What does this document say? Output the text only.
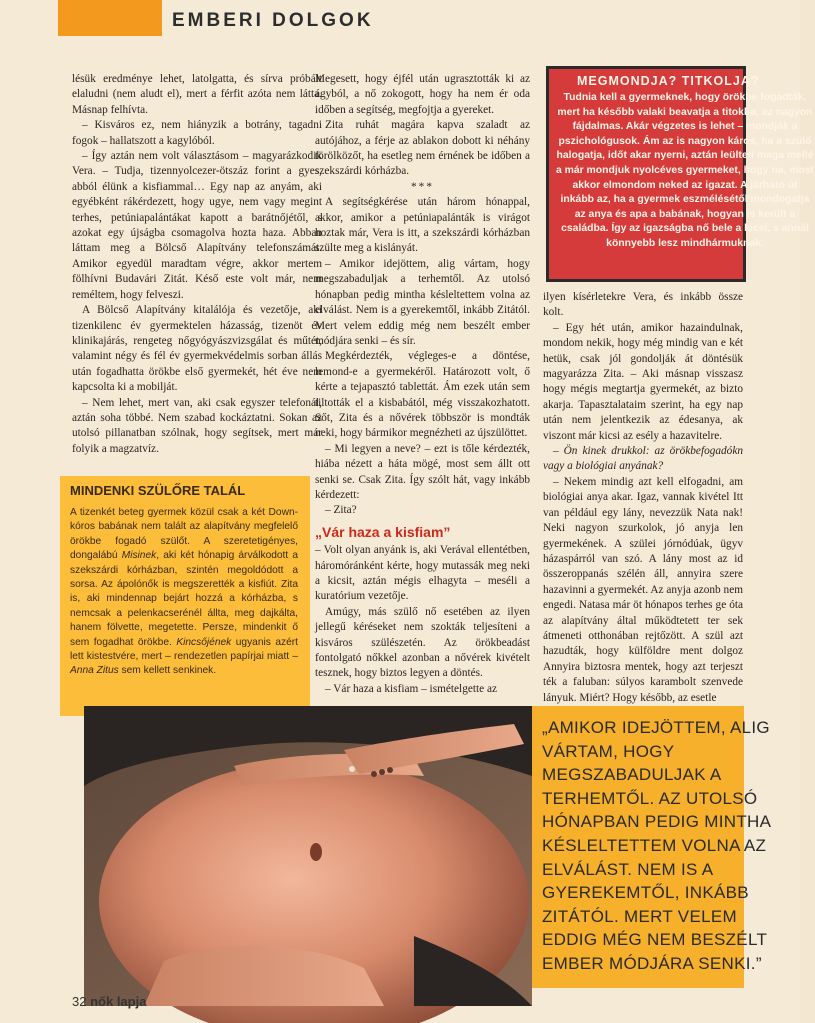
EMBERI DOLGOK

lésük eredménye lehet, latolgatta, és sírva próbált elaludni (nem aludt el), mert a férfit azóta nem látta. Másnap felhívta.

– Kisváros ez, nem hiányzik a botrány, tagadni fogok – hallatszott a kagylóból.

– Így aztán nem volt választásom – magyarázkodik Vera. – Tudja, tizennyolcezer-ötszáz forint a gyes, abból élünk a kisfiammal… Egy nap az anyám, aki egyébként rákérdezett, hogy ugye, nem vagy megint terhes, petúniapalántákat kapott a barátnőjétől, s azokat egy újságba csomagolva hozta haza. Abban láttam meg a Bölcső Alapítvány telefonszámát. Amikor egyedül maradtam végre, akkor mertem fölhívni Budavári Zitát. Késő este volt már, nem reméltem, hogy felveszi.

A Bölcső Alapítvány kitalálója és vezetője, aki tizenkilenc év gyermektelen házasság, tizenöt év klinikajárás, rengeteg nőgyógyászvizsgálat és műtét, valamint négy és fél év gyermekvédelmis sorban állás után fogadhatta örökbe első gyermekét, hét éve nem kapcsolta ki a mobilját.

– Nem lehet, mert van, aki csak egyszer telefonál, aztán soha többé. Nem szabad kockáztatni. Sokan az utolsó pillanatban szólnak, hogy segítsek, mert már folyik a magzatvíz.

Megesett, hogy éjfél után ugrasztották ki az ágyból, a nő zokogott, hogy ha nem ér oda időben a segítség, megfojtja a gyereket.

Zita ruhát magára kapva szaladt az autójához, a férje az ablakon dobott ki néhány törölközőt, ha esetleg nem érnének be időben a szekszárdi kórházba.

***

A segítségkérése után három hónappal, akkor, amikor a petúniapalánták is virágot hoztak már, Vera is itt, a szekszárdi kórházban szülte meg a kislányát.

– Amikor idejöttem, alig vártam, hogy megszabaduljak a terhemtől. Az utolsó hónapban pedig mintha késleltettem volna az elválást. Nem is a gyerekemtől, inkább Zitától. Mert velem eddig még nem beszélt ember módjára senki – és sír.

Megkérdezték, végleges-e a döntése, lemond-e a gyermekéről. Határozott volt, ő kérte a tejapasztó tablettát. Ám ezek után sem tiltották el a kisbabától, még visszakozhatott. Sőt, Zita és a nővérek többször is mondták neki, hogy bármikor megnézheti az újszülöttet.

– Mi legyen a neve? – ezt is tőle kérdezték, hiába nézett a háta mögé, most sem állt ott senki se. Csak Zita. Így szólt hát, vagy inkább kérdezett:

– Zita?

„Vár haza a kisfiam”

– Volt olyan anyánk is, aki Verával ellentétben, háromóránként kérte, hogy mutassák meg neki a kicsit, aztán mégis elhagyta – meséli a kuratórium vezetője.

Amúgy, más szülő nő esetében az ilyen jellegű kéréseket nem szokták teljesíteni a kisváros szülészetén. Az örökbeadást fontolgató nőkkel azonban a nővérek kivételt tesznek, hogy biztos legyen a döntés.

– Vár haza a kisfiam – ismételgette az

MEGMONDJA? TITKOLJA?
Tudnia kell a gyermeknek, hogy örökbe fogadták, mert ha később valaki beavatja a titokba, az nagyon fájdalmas. Akár végzetes is lehet – mondják a pszichológusok. Ám az is nagyon káros, ha a szülő halogatja, időt akar nyerni, aztán leülteti maga mellé a már mondjuk nyolcéves gyermeket, hogy na, most akkor elmondom neked az igazat. A járható út inkább az, ha a gyermek eszmélésétől mondogatja az anya és apa a babának, hogyan is került a családba. Így az igazságba nő bele a kicsi, s annál könnyebb lesz mindhármuknak.

ilyen kísérletekre Vera, és inkább össze kolt.

– Egy hét után, amikor hazaindulnak, mondom nekik, hogy még mindig van e két hetük, csak jól gondolják át döntésük magyarázza Zita. – Aki másnap visszasz hogy mégis megtartja gyermekét, az bizto akarja. Tapasztalataim szerint, ha egy nap után nem jelentkezik az édesanya, ak viszont már kicsi az esély a hazavitelre.

– Ön kinek drukkol: az örökbefogadókn vagy a biológiai anyának?

– Nekem mindig azt kell elfogadni, am biológiai anya akar. Igaz, vannak kivétel Itt van például egy lány, nevezzük Nata nak! Neki nagyon szurkolok, jó anyja len gyermekének. A szülei jórnódúak, ügyv házaspárról van szó. A lány most az id összeroppanás szélén áll, annyira szere hazavinni a gyermekét. Az anyja azonb nem engedi. Natasa már öt hónapos terhes ge óta az alapítvány által működtetett ter sek átmeneti otthonában rejtőzött. A szül azt hazudták, hogy külföldre ment dolgoz Annyira biztosra mentek, hogy azt terjeszt ték a faluban: súlyos karambolt szenvede lányuk. Miért? Hogy később, az esetle

MINDENKI SZÜLŐRE TALÁL
A tizenkét beteg gyermek közül csak a két Down-kóros babának nem talált az alapítvány megfelelő örökbe fogadó szülőt. A szeretetigényes, dongalábú Misinek, aki két hónapig árválkodott a szekszárdi kórházban, szintén megoldódott a sorsa. Az ápolónők is megszerették a kisfiút. Zita is, aki mindennap bejárt hozzá a kórházba, s nemcsak a pelenkacserénél állta, meg dajkálta, hanem fölvette, megetette. Persze, mindenkit ő sem fogadhat örökbe. Kincsőjének ugyanis azért lett kistestvére, mert – rendezetlen papírjai miatt – Anna Zitus sem kellett senkinek.
„AMIKOR IDEJÖTTEM, ALIG VÁRTAM, HOGY MEGSZABADULJAK A TERHEMTŐL. AZ UTOLSÓ HÓNAPBAN PEDIG MINTHA KÉSLELTETTEM VOLNA AZ ELVÁLÁST. NEM IS A GYEREKEMTŐL, INKÁBB ZITÁTÓL. MERT VELEM EDDIG MÉG NEM BESZÉLT EMBER MÓDJÁRA SENKI.”
32 nők lapja
